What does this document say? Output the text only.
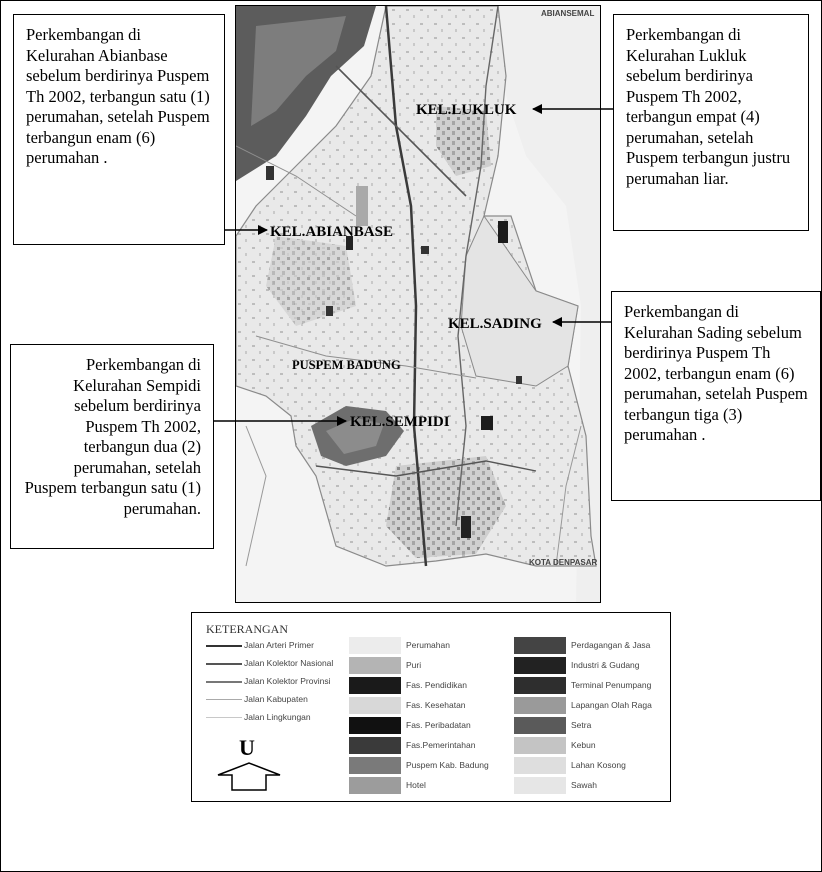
Perkembangan di Kelurahan Abianbase sebelum berdirinya Puspem Th 2002, terbangun satu (1) perumahan, setelah Puspem terbangun enam (6) perumahan .

Perkembangan di Kelurahan Lukluk sebelum berdirinya Puspem Th 2002, terbangun empat (4) perumahan, setelah Puspem terbangun justru perumahan liar.

Perkembangan di Kelurahan Sempidi sebelum berdirinya Puspem Th 2002, terbangun dua (2) perumahan, setelah Puspem terbangun satu (1) perumahan.

Perkembangan di Kelurahan Sading sebelum berdirinya Puspem Th 2002, terbangun enam (6) perumahan, setelah Puspem terbangun tiga (3) perumahan .

ABIANSEMAL
KOTA DENPASAR
KEL.LUKLUK
KEL.ABIANBASE
KEL.SADING
PUSPEM BADUNG
KEL.SEMPIDI
KETERANGAN
Jalan Arteri Primer
Jalan Kolektor Nasional
Jalan Kolektor Provinsi
Jalan Kabupaten
Jalan Lingkungan
Perumahan
Puri
Fas. Pendidikan
Fas. Kesehatan
Fas. Peribadatan
Fas.Pemerintahan
Puspem Kab. Badung
Hotel
Perdagangan & Jasa
Industri & Gudang
Terminal Penumpang
Lapangan Olah Raga
Setra
Kebun
Lahan Kosong
Sawah
U
